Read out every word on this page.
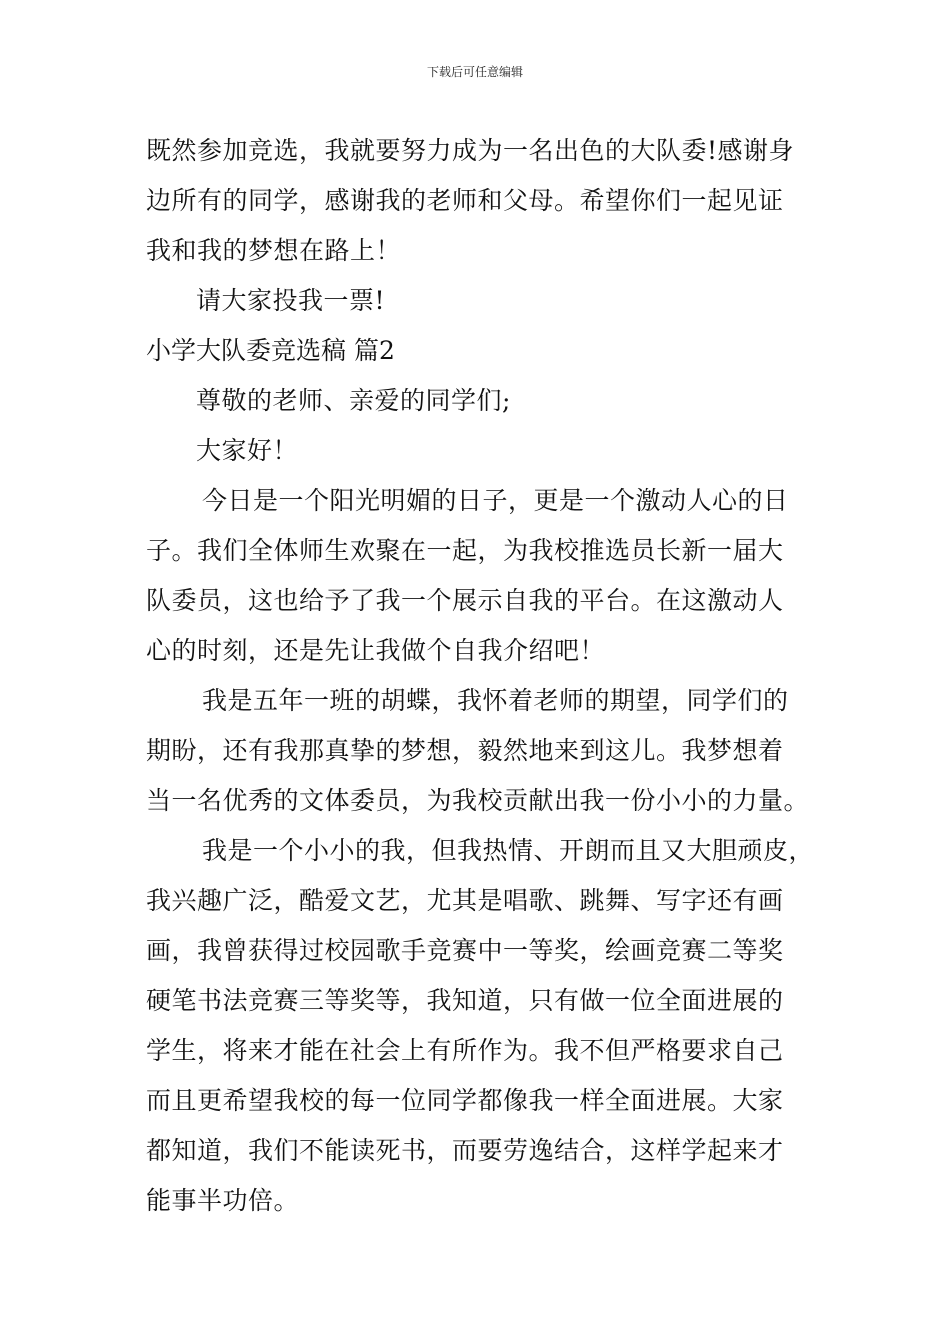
下载后可任意编辑
既然参加竞选，我就要努力成为一名出色的大队委!感谢身
边所有的同学，感谢我的老师和父母。希望你们一起见证
我和我的梦想在路上！
请大家投我一票!
小学大队委竞选稿 篇2
尊敬的老师、亲爱的同学们;
大家好！
今日是一个阳光明媚的日子，更是一个激动人心的日
子。我们全体师生欢聚在一起，为我校推选员长新一届大
队委员，这也给予了我一个展示自我的平台。在这激动人
心的时刻，还是先让我做个自我介绍吧！
我是五年一班的胡蝶，我怀着老师的期望，同学们的
期盼，还有我那真挚的梦想，毅然地来到这儿。我梦想着
当一名优秀的文体委员，为我校贡献出我一份小小的力量。
我是一个小小的我，但我热情、开朗而且又大胆顽皮，
我兴趣广泛，酷爱文艺，尤其是唱歌、跳舞、写字还有画
画，我曾获得过校园歌手竞赛中一等奖，绘画竞赛二等奖
硬笔书法竞赛三等奖等，我知道，只有做一位全面进展的
学生，将来才能在社会上有所作为。我不但严格要求自己
而且更希望我校的每一位同学都像我一样全面进展。大家
都知道，我们不能读死书，而要劳逸结合，这样学起来才
能事半功倍。
